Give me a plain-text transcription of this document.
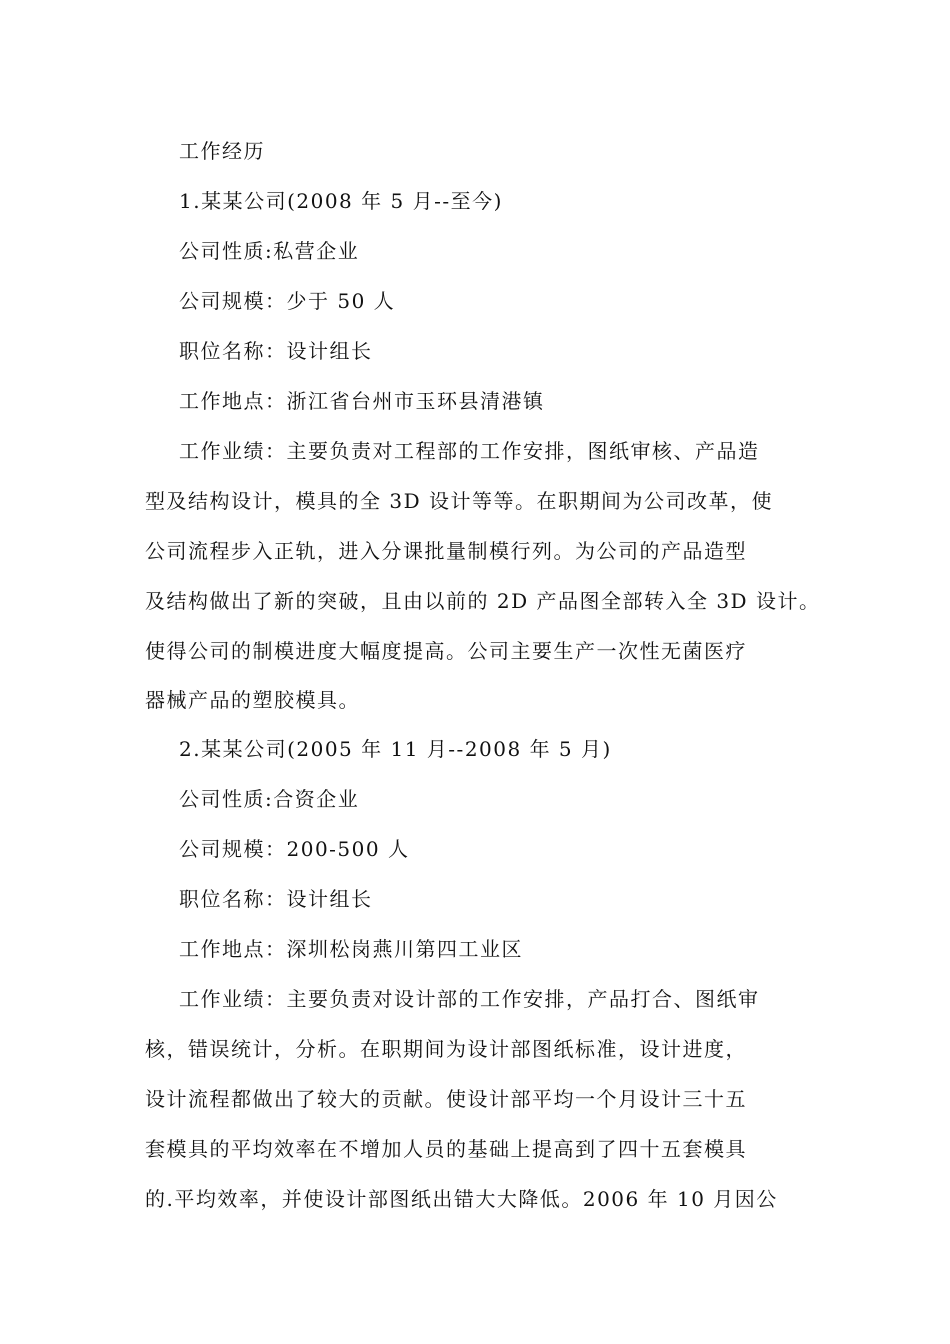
工作经历
1.某某公司(2008 年 5 月--至今)
公司性质:私营企业
公司规模：少于 50 人
职位名称：设计组长
工作地点：浙江省台州市玉环县清港镇
工作业绩：主要负责对工程部的工作安排，图纸审核、产品造
型及结构设计，模具的全 3D 设计等等。在职期间为公司改革，使
公司流程步入正轨，进入分课批量制模行列。为公司的产品造型
及结构做出了新的突破，且由以前的 2D 产品图全部转入全 3D 设计。
使得公司的制模进度大幅度提高。公司主要生产一次性无菌医疗
器械产品的塑胶模具。
2.某某公司(2005 年 11 月--2008 年 5 月)
公司性质:合资企业
公司规模：200-500 人
职位名称：设计组长
工作地点：深圳松岗燕川第四工业区
工作业绩：主要负责对设计部的工作安排，产品打合、图纸审
核，错误统计，分析。在职期间为设计部图纸标准，设计进度，
设计流程都做出了较大的贡献。使设计部平均一个月设计三十五
套模具的平均效率在不增加人员的基础上提高到了四十五套模具
的.平均效率，并使设计部图纸出错大大降低。2006 年 10 月因公
